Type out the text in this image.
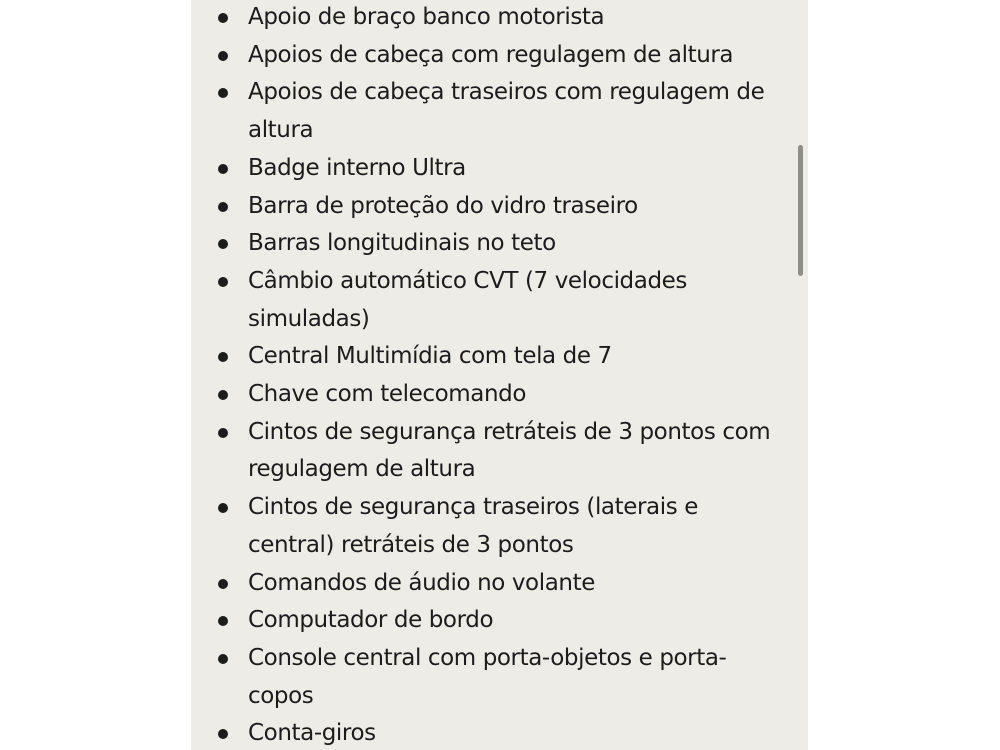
Apoio de braço banco motorista
Apoios de cabeça com regulagem de altura
Apoios de cabeça traseiros com regulagem de altura
Badge interno Ultra
Barra de proteção do vidro traseiro
Barras longitudinais no teto
Câmbio automático CVT (7 velocidades simuladas)
Central Multimídia com tela de 7
Chave com telecomando
Cintos de segurança retráteis de 3 pontos com regulagem de altura
Cintos de segurança traseiros (laterais e central) retráteis de 3 pontos
Comandos de áudio no volante
Computador de bordo
Console central com porta-objetos e porta-copos
Conta-giros
